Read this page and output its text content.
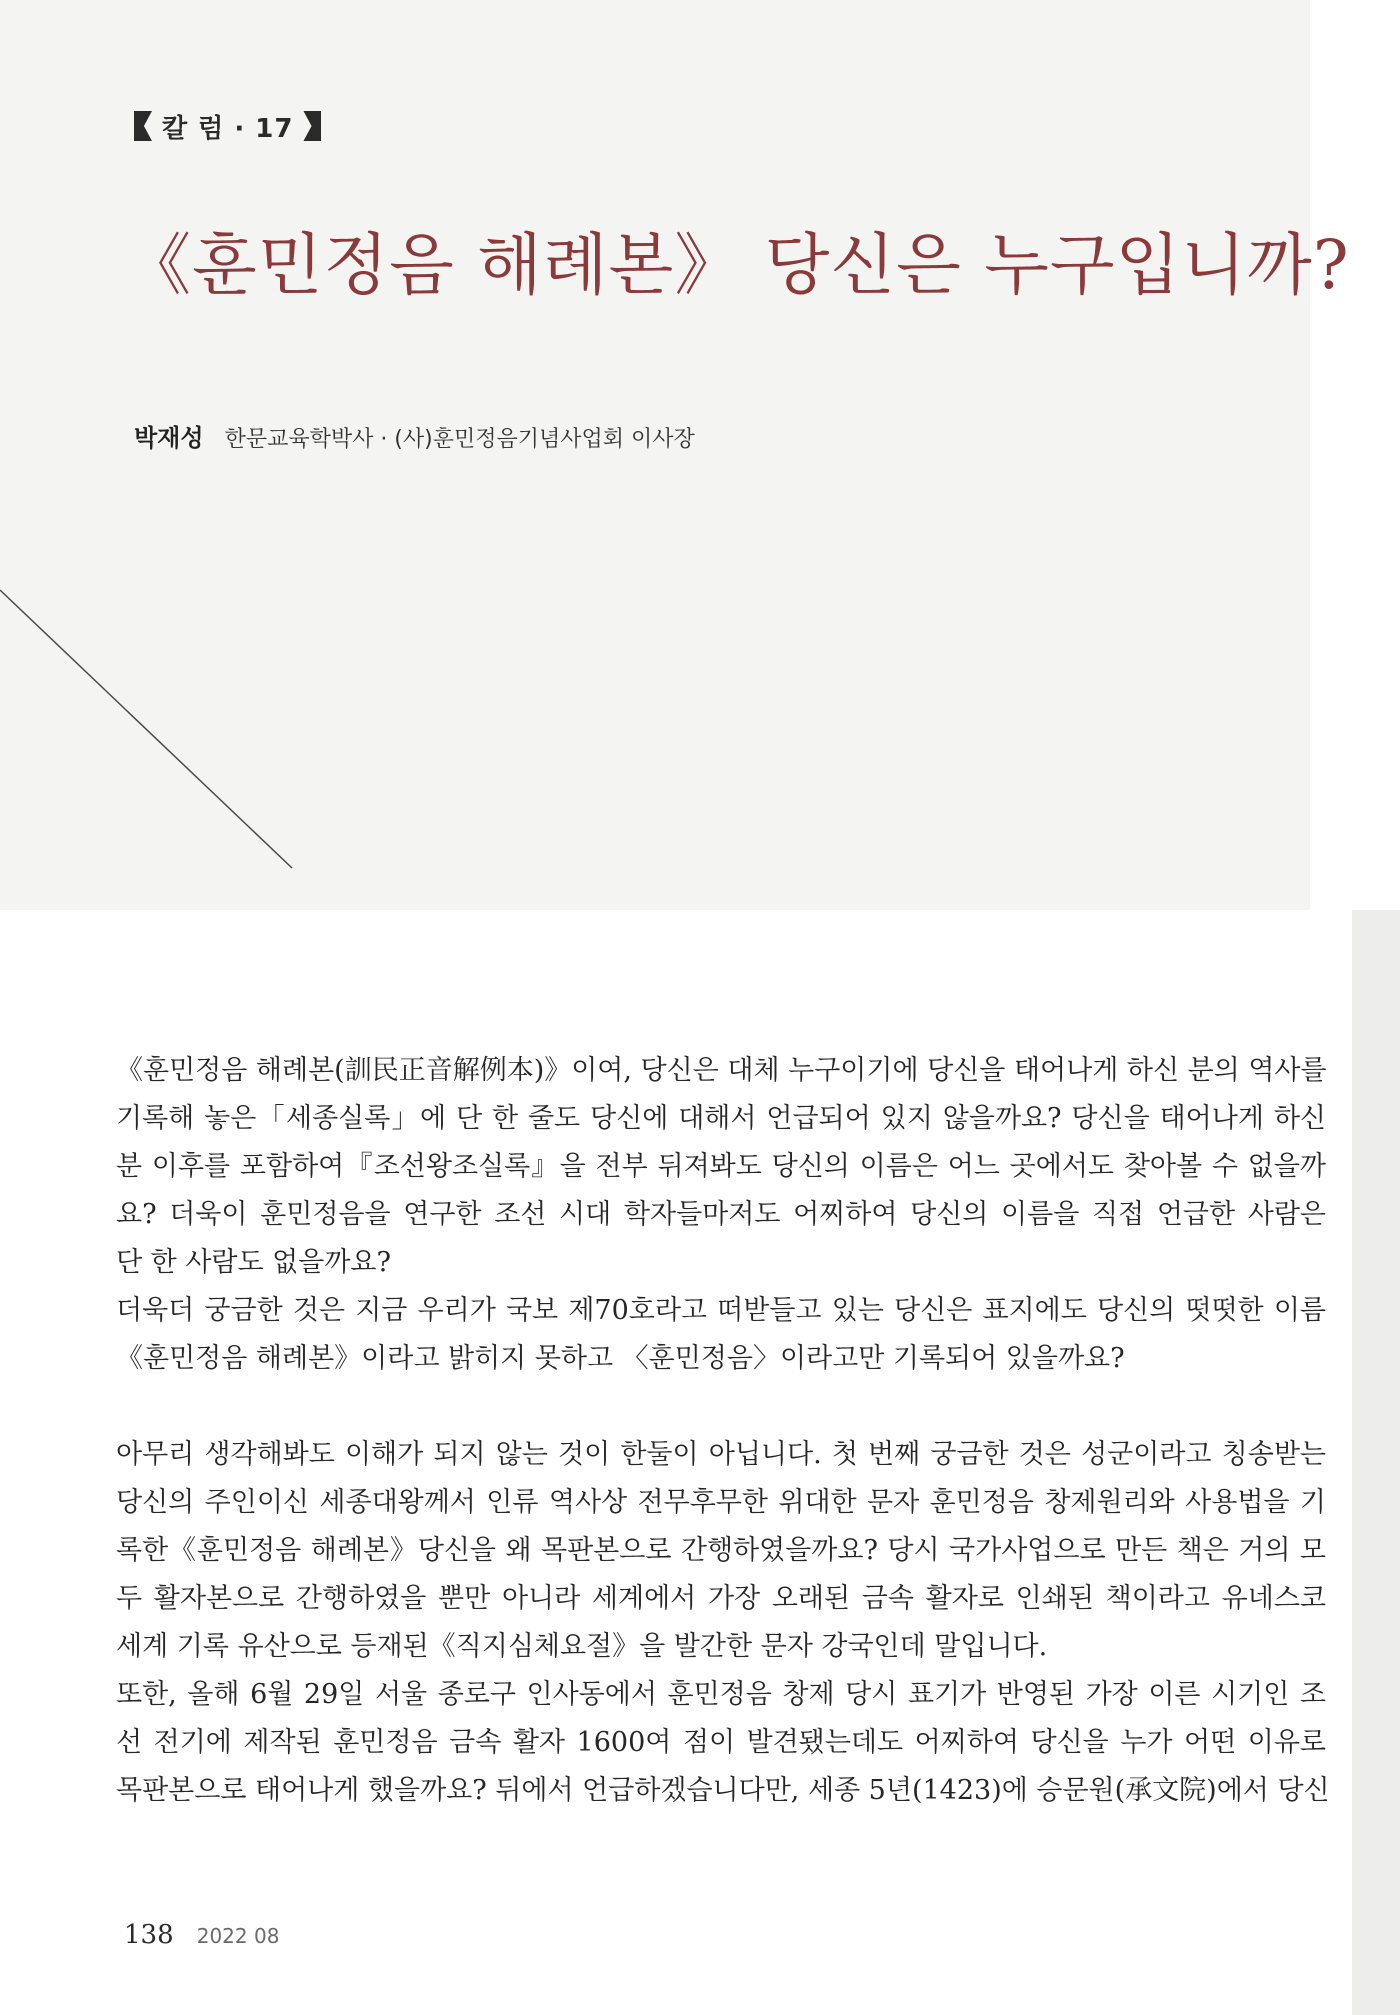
칼 럼 · 17
《훈민정음 해례본》 당신은 누구입니까?
박재성 한문교육학박사 · (사)훈민정음기념사업회 이사장
《훈민정음 해례본(訓民正音解例本)》이여, 당신은 대체 누구이기에 당신을 태어나게 하신 분의 역사를
기록해 놓은「세종실록」에 단 한 줄도 당신에 대해서 언급되어 있지 않을까요? 당신을 태어나게 하신
분 이후를 포함하여『조선왕조실록』을 전부 뒤져봐도 당신의 이름은 어느 곳에서도 찾아볼 수 없을까
요? 더욱이 훈민정음을 연구한 조선 시대 학자들마저도 어찌하여 당신의 이름을 직접 언급한 사람은
단 한 사람도 없을까요?
더욱더 궁금한 것은 지금 우리가 국보 제70호라고 떠받들고 있는 당신은 표지에도 당신의 떳떳한 이름
《훈민정음 해례본》이라고 밝히지 못하고 〈훈민정음〉이라고만 기록되어 있을까요?
아무리 생각해봐도 이해가 되지 않는 것이 한둘이 아닙니다. 첫 번째 궁금한 것은 성군이라고 칭송받는
당신의 주인이신 세종대왕께서 인류 역사상 전무후무한 위대한 문자 훈민정음 창제원리와 사용법을 기
록한《훈민정음 해례본》당신을 왜 목판본으로 간행하였을까요? 당시 국가사업으로 만든 책은 거의 모
두 활자본으로 간행하였을 뿐만 아니라 세계에서 가장 오래된 금속 활자로 인쇄된 책이라고 유네스코
세계 기록 유산으로 등재된《직지심체요절》을 발간한 문자 강국인데 말입니다.
또한, 올해 6월 29일 서울 종로구 인사동에서 훈민정음 창제 당시 표기가 반영된 가장 이른 시기인 조
선 전기에 제작된 훈민정음 금속 활자 1600여 점이 발견됐는데도 어찌하여 당신을 누가 어떤 이유로
목판본으로 태어나게 했을까요? 뒤에서 언급하겠습니다만, 세종 5년(1423)에 승문원(承文院)에서 당신
138 2022 08
